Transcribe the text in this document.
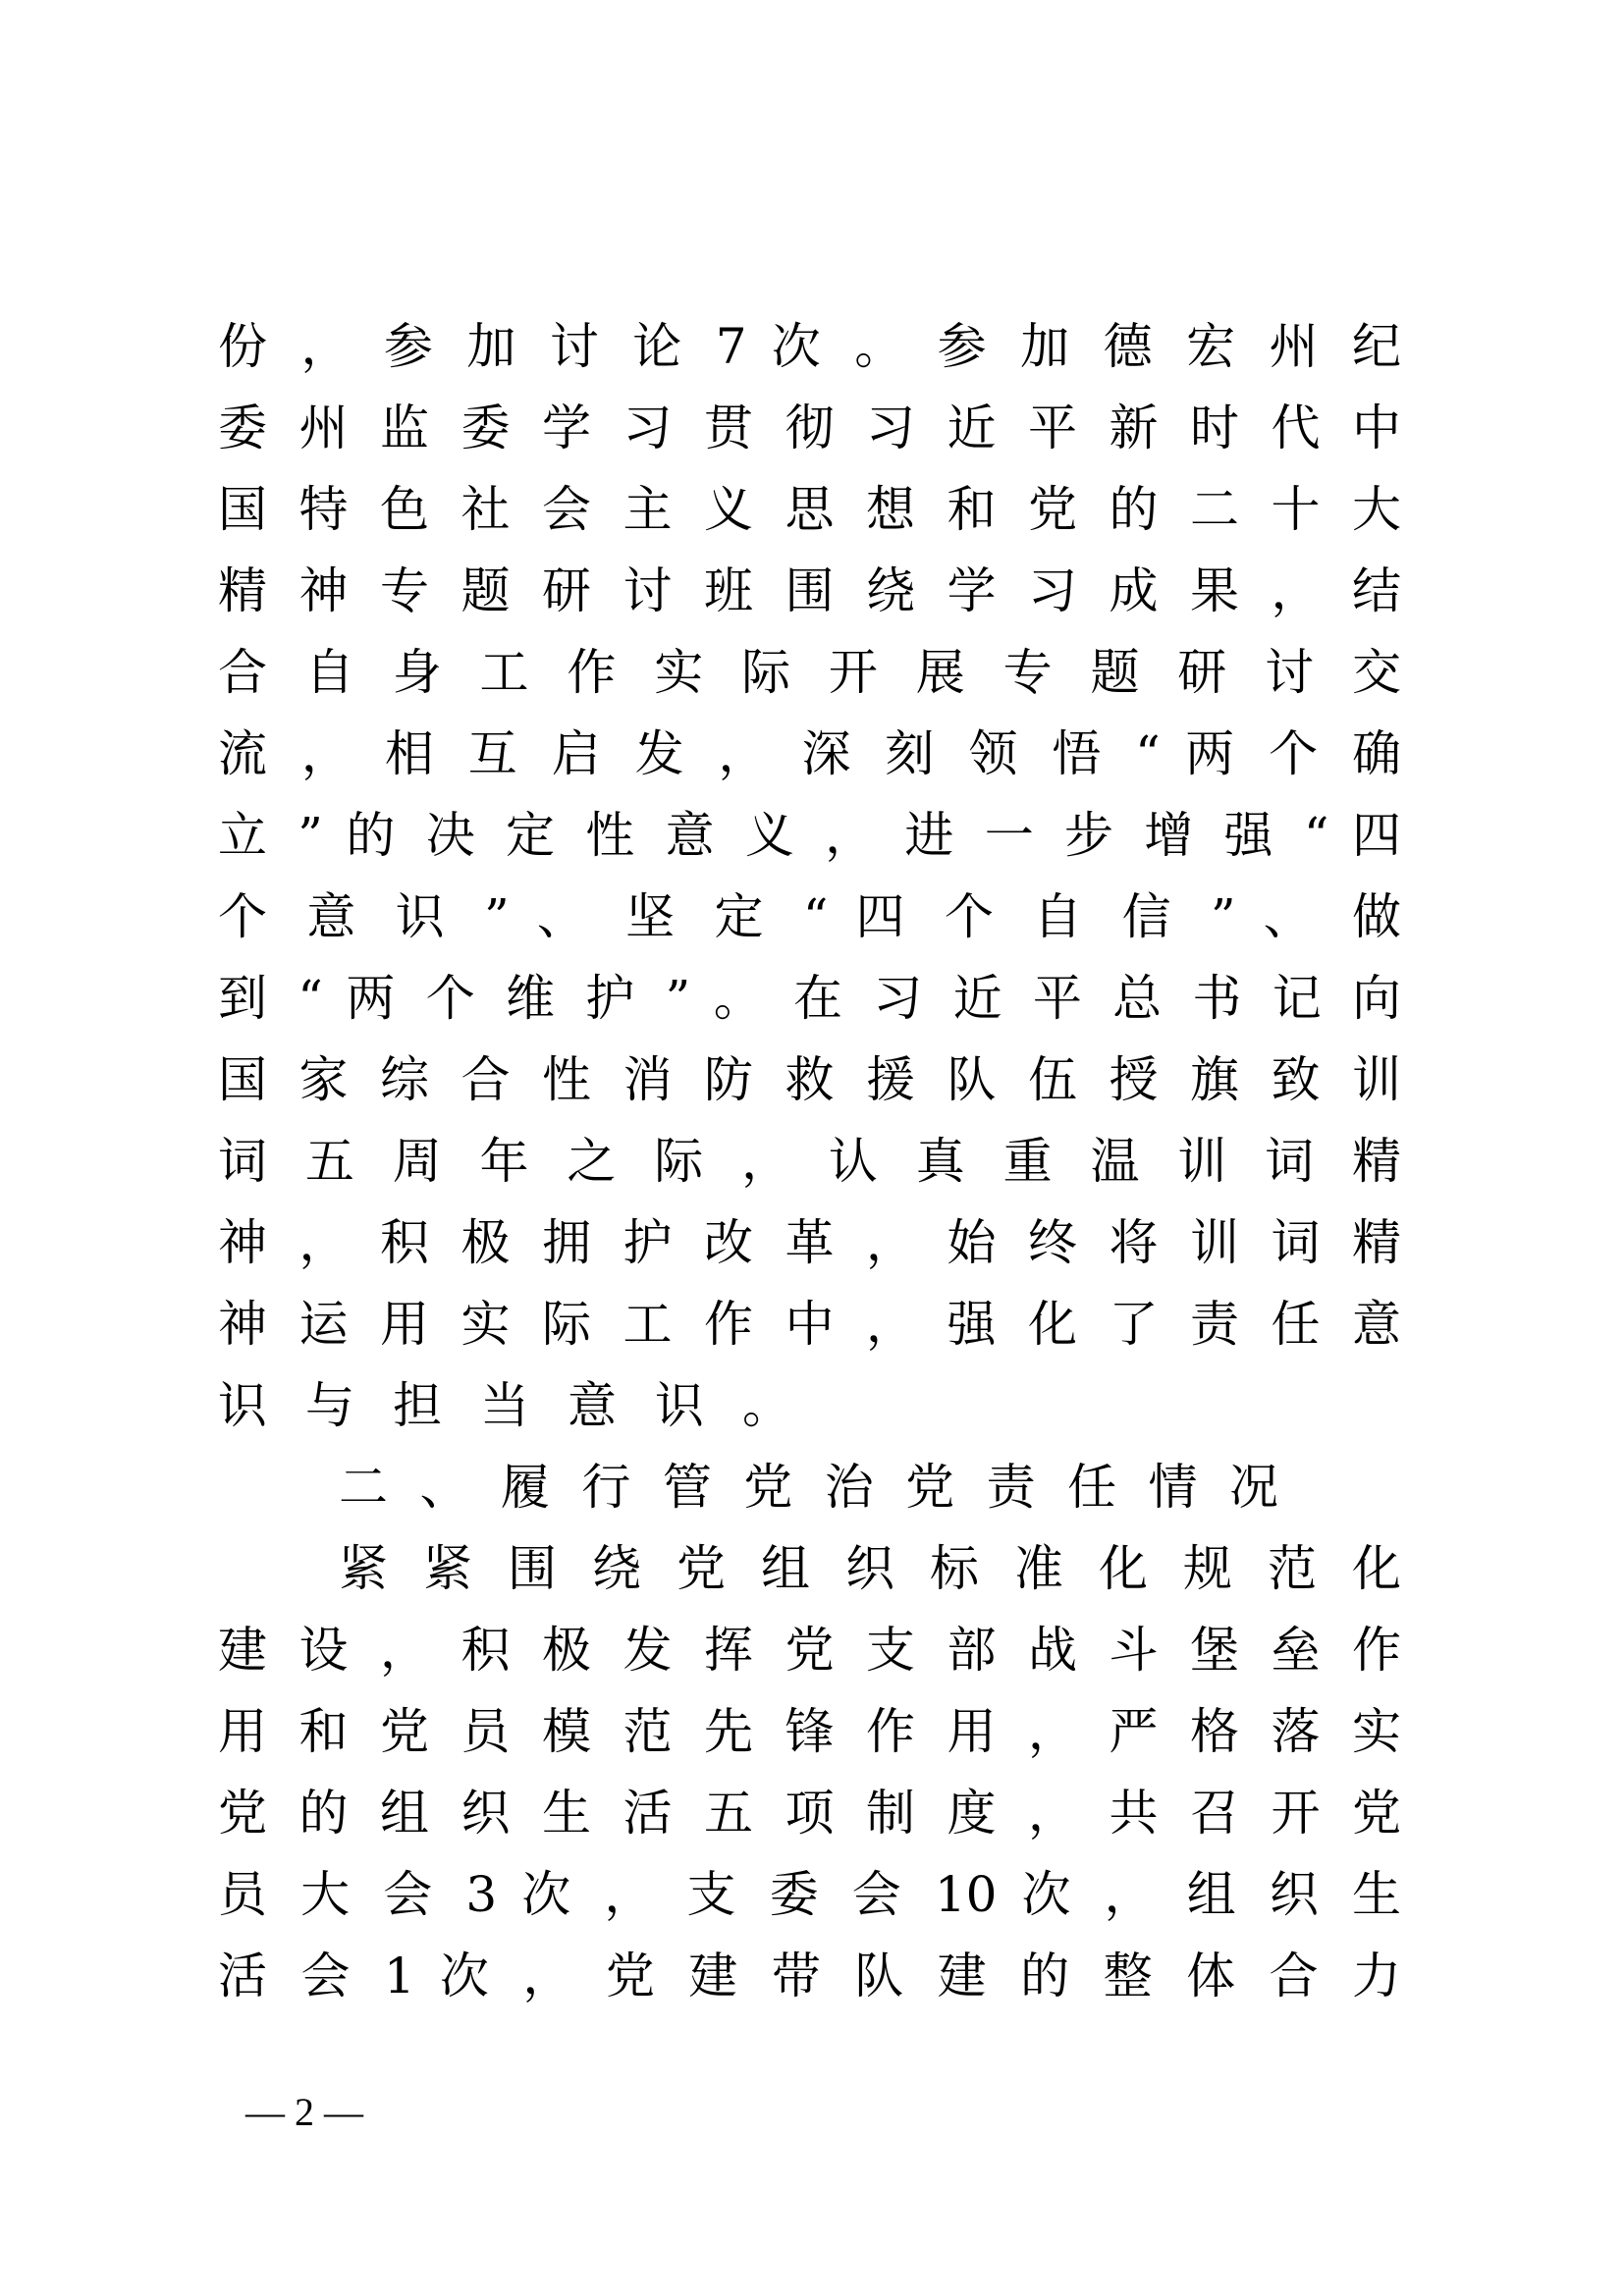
份 ， 参 加 讨 论 7 次 。 参 加 德 宏 州 纪
委 州 监 委 学 习 贯 彻 习 近 平 新 时 代 中
国 特 色 社 会 主 义 思 想 和 党 的 二 十 大
精 神 专 题 研 讨 班 围 绕 学 习 成 果 ， 结
合 自 身 工 作 实 际 开 展 专 题 研 讨 交
流 ， 相 互 启 发 ， 深 刻 领 悟 “ 两 个 确
立 ” 的 决 定 性 意 义 ， 进 一 步 增 强 “ 四
个 意 识 ” 、 坚 定 “ 四 个 自 信 ” 、 做
到 “ 两 个 维 护 ” 。 在 习 近 平 总 书 记 向
国 家 综 合 性 消 防 救 援 队 伍 授 旗 致 训
词 五 周 年 之 际 ， 认 真 重 温 训 词 精
神 ， 积 极 拥 护 改 革 ， 始 终 将 训 词 精
神 运 用 实 际 工 作 中 ， 强 化 了 责 任 意
识与担当意识。
二 、 履 行 管 党 治 党 责 任 情 况
紧 紧 围 绕 党 组 织 标 准 化 规 范 化
建 设 ， 积 极 发 挥 党 支 部 战 斗 堡 垒 作
用 和 党 员 模 范 先 锋 作 用 ， 严 格 落 实
党 的 组 织 生 活 五 项 制 度 ， 共 召 开 党
员 大 会 3 次 ， 支 委 会 10 次 ， 组 织 生
活 会 1 次 ， 党 建 带 队 建 的 整 体 合 力
— 2 —
